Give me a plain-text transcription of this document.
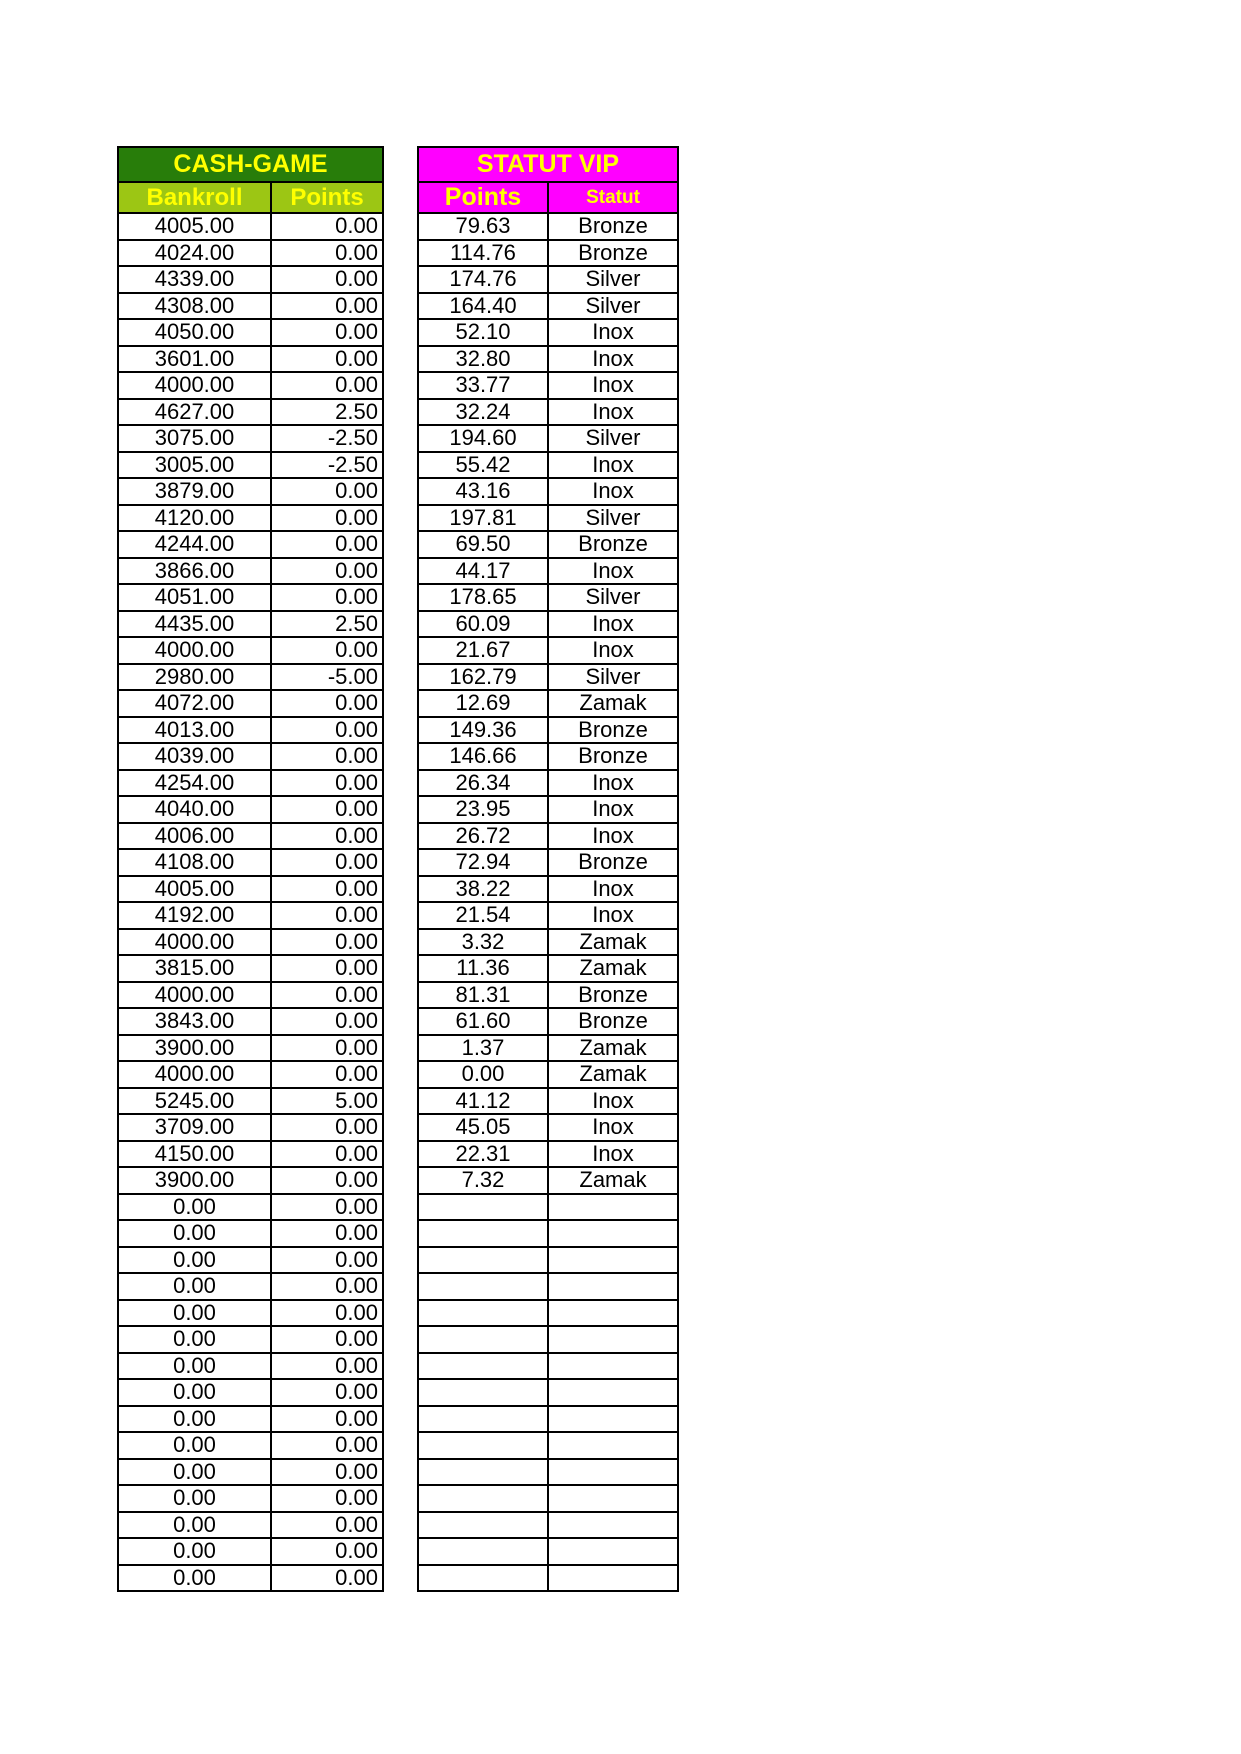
CASH-GAME	
Bankroll	Points
4005.00	0.00
4024.00	0.00
4339.00	0.00
4308.00	0.00
4050.00	0.00
3601.00	0.00
4000.00	0.00
4627.00	2.50
3075.00	-2.50
3005.00	-2.50
3879.00	0.00
4120.00	0.00
4244.00	0.00
3866.00	0.00
4051.00	0.00
4435.00	2.50
4000.00	0.00
2980.00	-5.00
4072.00	0.00
4013.00	0.00
4039.00	0.00
4254.00	0.00
4040.00	0.00
4006.00	0.00
4108.00	0.00
4005.00	0.00
4192.00	0.00
4000.00	0.00
3815.00	0.00
4000.00	0.00
3843.00	0.00
3900.00	0.00
4000.00	0.00
5245.00	5.00
3709.00	0.00
4150.00	0.00
3900.00	0.00
0.00	0.00
0.00	0.00
0.00	0.00
0.00	0.00
0.00	0.00
0.00	0.00
0.00	0.00
0.00	0.00
0.00	0.00
0.00	0.00
0.00	0.00
0.00	0.00
0.00	0.00
0.00	0.00
0.00	0.00
STATUT VIP	
Points	Statut
79.63	Bronze
114.76	Bronze
174.76	Silver
164.40	Silver
52.10	Inox
32.80	Inox
33.77	Inox
32.24	Inox
194.60	Silver
55.42	Inox
43.16	Inox
197.81	Silver
69.50	Bronze
44.17	Inox
178.65	Silver
60.09	Inox
21.67	Inox
162.79	Silver
12.69	Zamak
149.36	Bronze
146.66	Bronze
26.34	Inox
23.95	Inox
26.72	Inox
72.94	Bronze
38.22	Inox
21.54	Inox
3.32	Zamak
11.36	Zamak
81.31	Bronze
61.60	Bronze
1.37	Zamak
0.00	Zamak
41.12	Inox
45.05	Inox
22.31	Inox
7.32	Zamak
